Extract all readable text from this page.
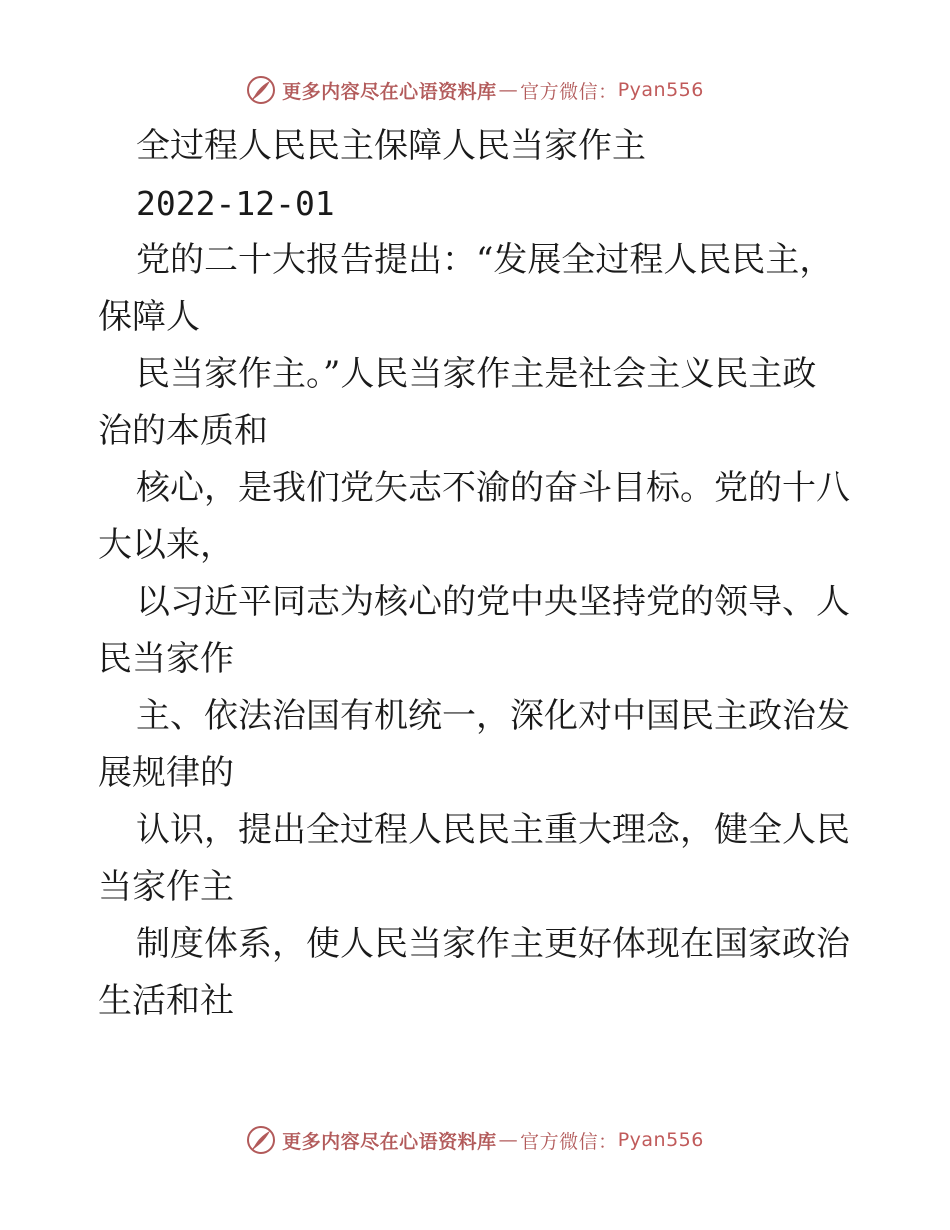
更多内容尽在心语资料库 — 官方微信： Pyan556
全过程人民民主保障人民当家作主
2022-12-01
党的二十大报告提出：“发展全过程人民民主，
保障人
民当家作主。”人民当家作主是社会主义民主政
治的本质和
核心，是我们党矢志不渝的奋斗目标。党的十八
大以来，
以习近平同志为核心的党中央坚持党的领导、人
民当家作
主、依法治国有机统一，深化对中国民主政治发
展规律的
认识，提出全过程人民民主重大理念，健全人民
当家作主
制度体系，使人民当家作主更好体现在国家政治
生活和社
更多内容尽在心语资料库 — 官方微信： Pyan556
